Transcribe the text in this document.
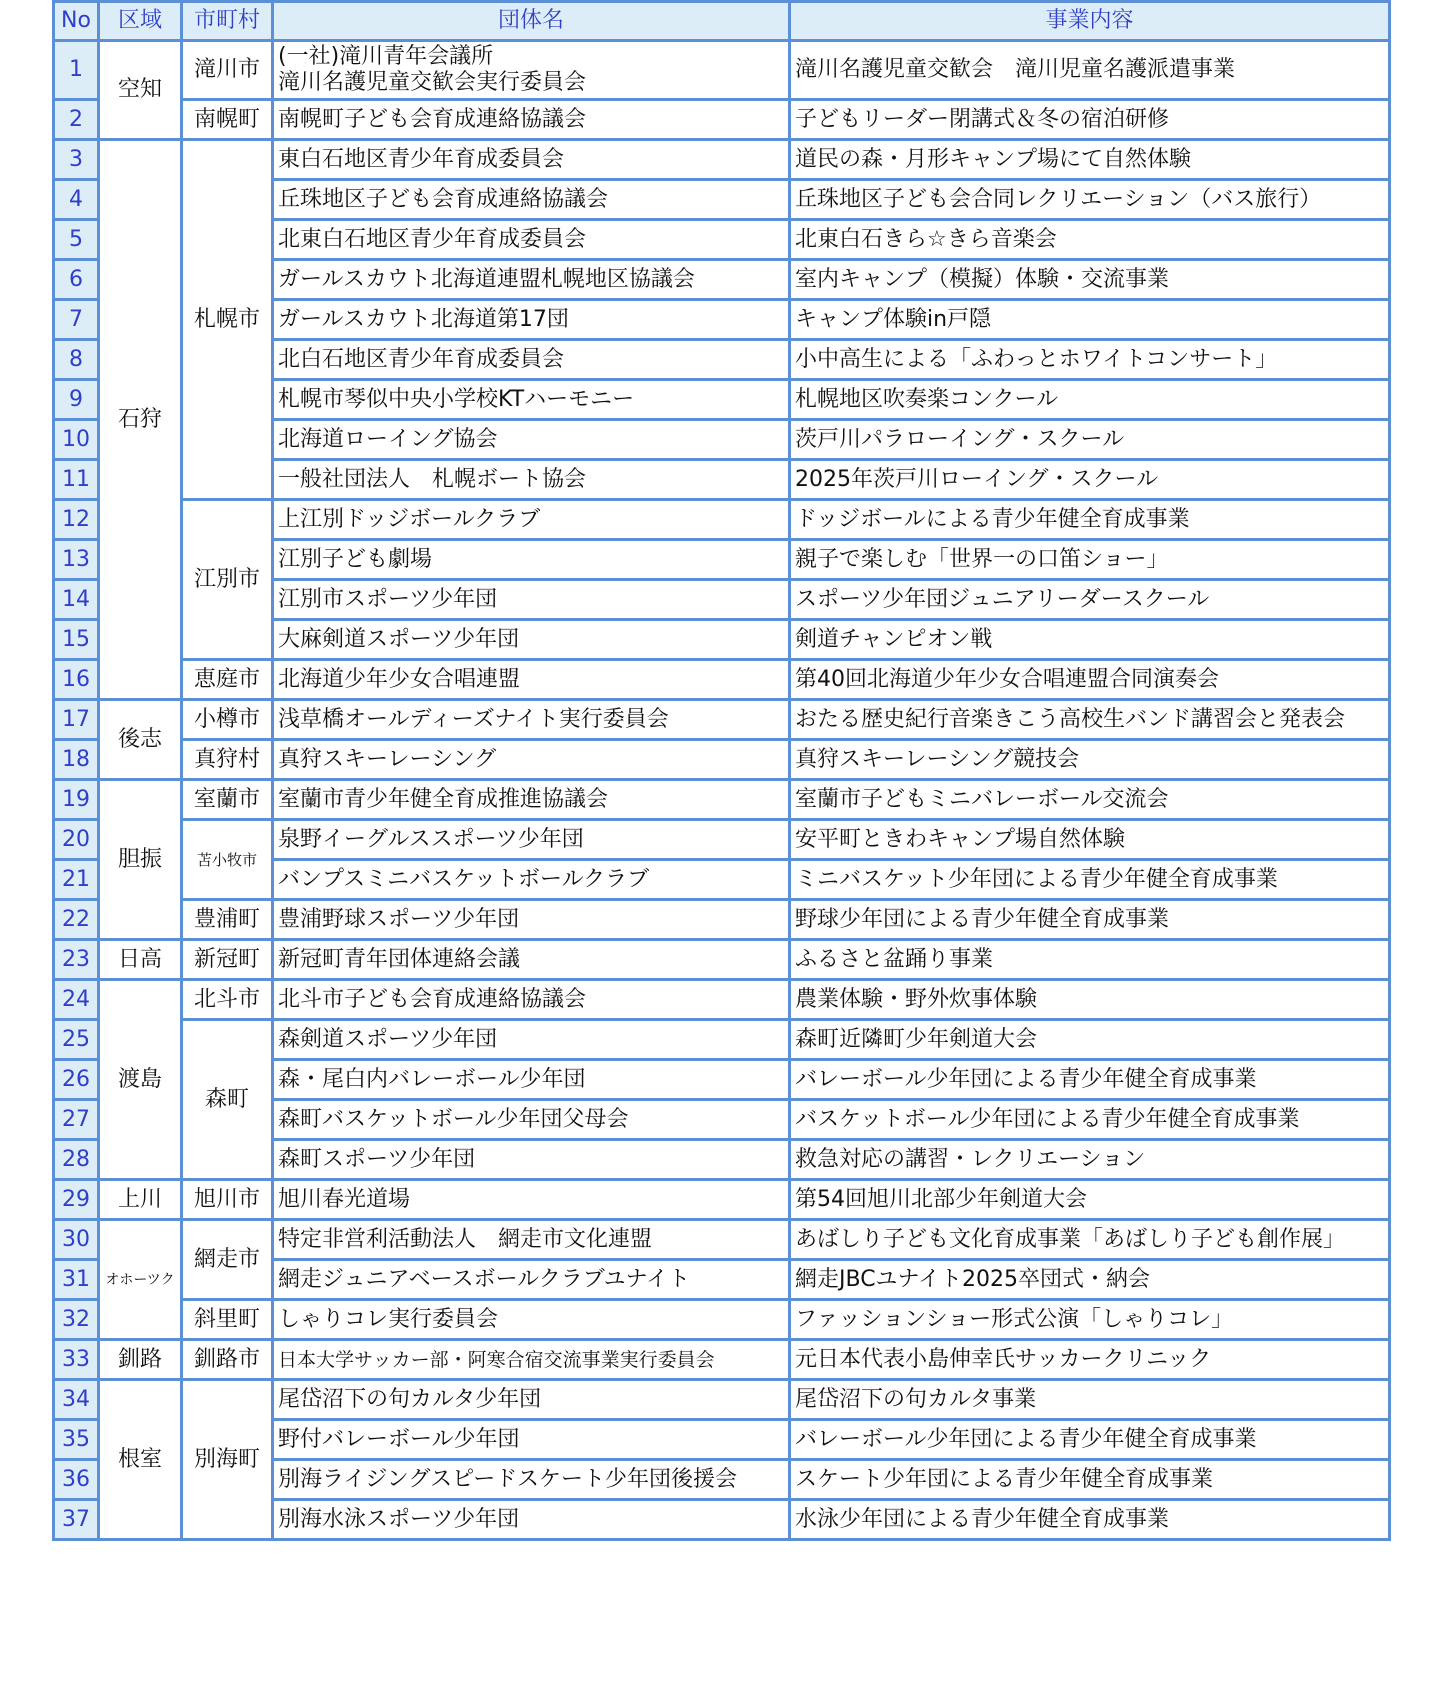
No	区域	市町村	団体名	事業内容
1	空知	滝川市	(一社)滝川青年会議所
滝川名護児童交歓会実行委員会	滝川名護児童交歓会　滝川児童名護派遣事業
2		南幌町	南幌町子ども会育成連絡協議会	子どもリーダー閉講式＆冬の宿泊研修
3	石狩	札幌市	東白石地区青少年育成委員会	道民の森・月形キャンプ場にて自然体験
4			丘珠地区子ども会育成連絡協議会	丘珠地区子ども会合同レクリエーション（バス旅行）
5			北東白石地区青少年育成委員会	北東白石きら☆きら音楽会
6			ガールスカウト北海道連盟札幌地区協議会	室内キャンプ（模擬）体験・交流事業
7			ガールスカウト北海道第17団	キャンプ体験in戸隠
8			北白石地区青少年育成委員会	小中高生による「ふわっとホワイトコンサート」
9			札幌市琴似中央小学校KTハーモニー	札幌地区吹奏楽コンクール
10			北海道ローイング協会	茨戸川パラローイング・スクール
11			一般社団法人　札幌ボート協会	2025年茨戸川ローイング・スクール
12		江別市	上江別ドッジボールクラブ	ドッジボールによる青少年健全育成事業
13			江別子ども劇場	親子で楽しむ「世界一の口笛ショー」
14			江別市スポーツ少年団	スポーツ少年団ジュニアリーダースクール
15			大麻剣道スポーツ少年団	剣道チャンピオン戦
16		恵庭市	北海道少年少女合唱連盟	第40回北海道少年少女合唱連盟合同演奏会
17	後志	小樽市	浅草橋オールディーズナイト実行委員会	おたる歴史紀行音楽きこう高校生バンド講習会と発表会
18		真狩村	真狩スキーレーシング	真狩スキーレーシング競技会
19	胆振	室蘭市	室蘭市青少年健全育成推進協議会	室蘭市子どもミニバレーボール交流会
20		苫小牧市	泉野イーグルススポーツ少年団	安平町ときわキャンプ場自然体験
21			バンプスミニバスケットボールクラブ	ミニバスケット少年団による青少年健全育成事業
22		豊浦町	豊浦野球スポーツ少年団	野球少年団による青少年健全育成事業
23	日高	新冠町	新冠町青年団体連絡会議	ふるさと盆踊り事業
24	渡島	北斗市	北斗市子ども会育成連絡協議会	農業体験・野外炊事体験
25		森町	森剣道スポーツ少年団	森町近隣町少年剣道大会
26			森・尾白内バレーボール少年団	バレーボール少年団による青少年健全育成事業
27			森町バスケットボール少年団父母会	バスケットボール少年団による青少年健全育成事業
28			森町スポーツ少年団	救急対応の講習・レクリエーション
29	上川	旭川市	旭川春光道場	第54回旭川北部少年剣道大会
30	オホーツク	網走市	特定非営利活動法人　網走市文化連盟	あばしり子ども文化育成事業「あばしり子ども創作展」
31			網走ジュニアベースボールクラブユナイト	網走JBCユナイト2025卒団式・納会
32		斜里町	しゃりコレ実行委員会	ファッションショー形式公演「しゃりコレ」
33	釧路	釧路市	日本大学サッカー部・阿寒合宿交流事業実行委員会	元日本代表小島伸幸氏サッカークリニック
34	根室	別海町	尾岱沼下の句カルタ少年団	尾岱沼下の句カルタ事業
35			野付バレーボール少年団	バレーボール少年団による青少年健全育成事業
36			別海ライジングスピードスケート少年団後援会	スケート少年団による青少年健全育成事業
37			別海水泳スポーツ少年団	水泳少年団による青少年健全育成事業
